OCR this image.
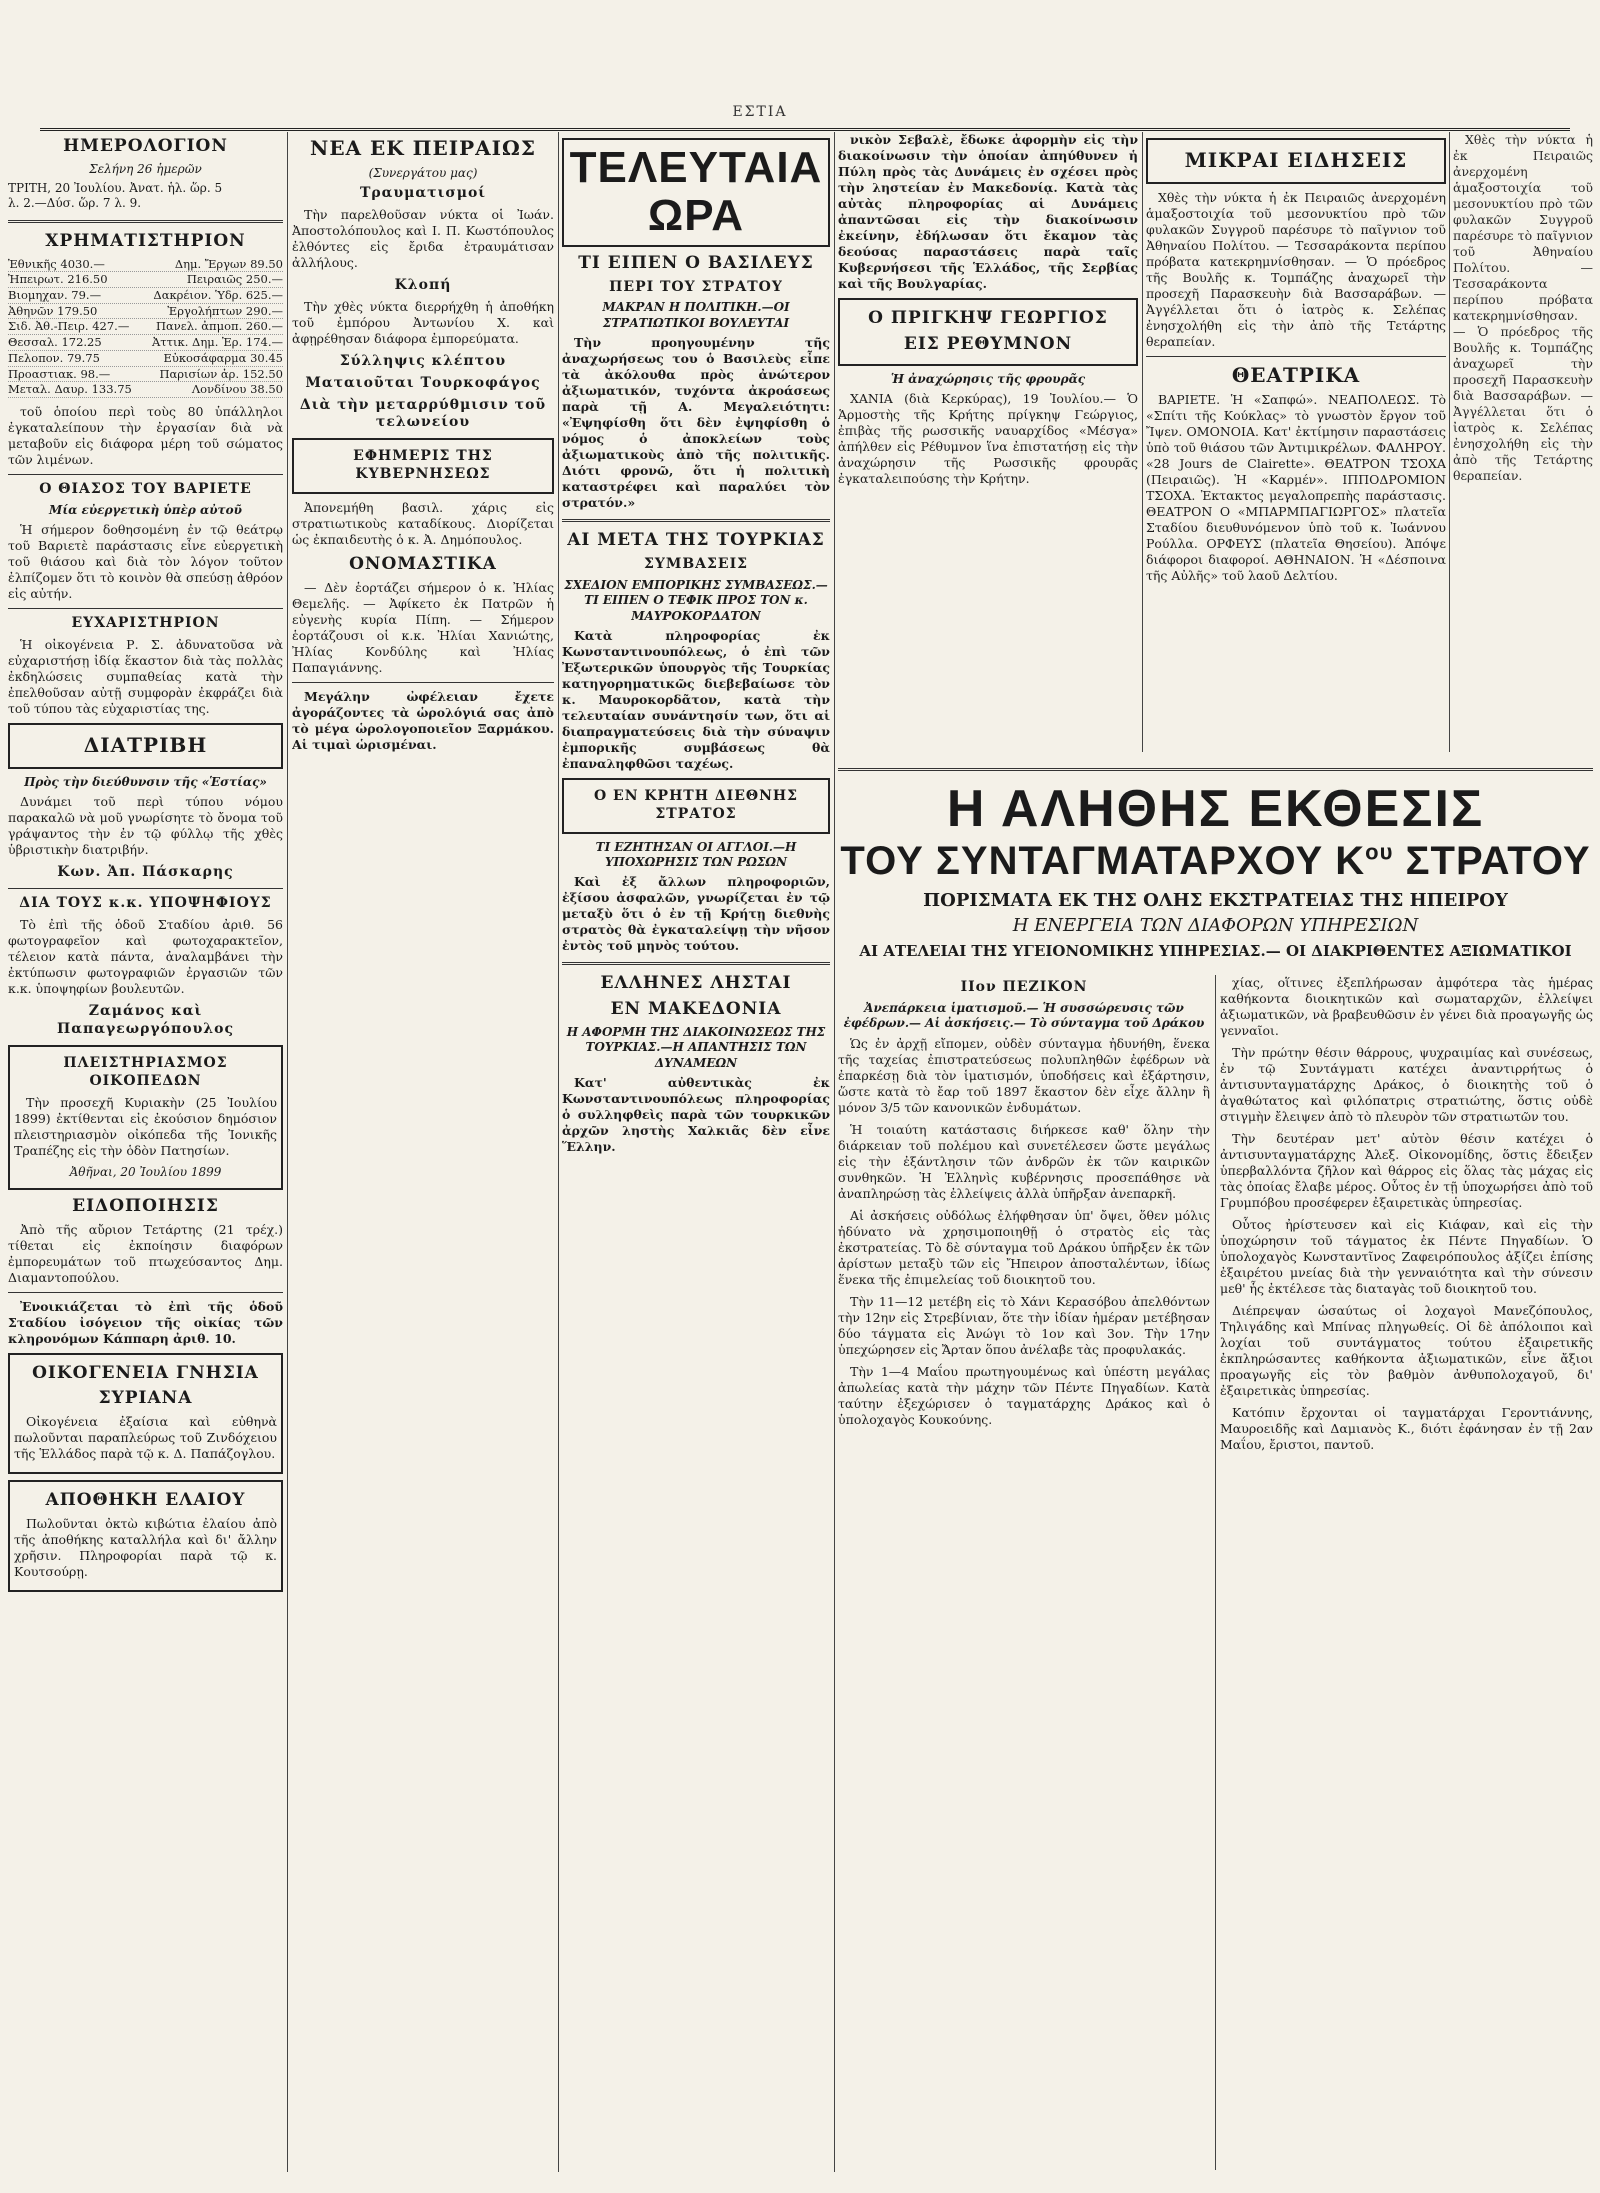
ΕΣΤΙΑ
ΗΜΕΡΟΛΟΓΙΟΝ
Σελήνη 26 ἡμερῶν
ΤΡΙΤΗ, 20 Ἰουλίου. Ἀνατ. ἡλ. ὥρ. 5
λ. 2.—Δύσ. ὥρ. 7 λ. 9.
ΧΡΗΜΑΤΙΣΤΗΡΙΟΝ
Ἐθνικῆς 4030.—	Δημ. Ἔργων 89.50
Ἠπειρωτ. 216.50	Πειραιῶς 250.—
Βιομηχαν. 79.—	Δακρέιον. Ὑδρ. 625.—
Ἀθηνῶν 179.50	Ἐργολήπτων 290.—
Σιδ. Ἀθ.-Πειρ. 427.— Πανελ. ἀπμοπ. 260.—
Θεσσαλ. 172.25	Ἀττικ. Δημ. Ἐρ. 174.—
Πελοπον. 79.75	Εὐκοσάφαρμα 30.45
Προαστιακ. 98.—	Παρισίων ἀρ. 152.50
Μεταλ. Δαυρ. 133.75	Λονδίνου 38.50

τοῦ ὁποίου περὶ τοὺς 80 ὑπάλληλοι ἐγκαταλείπουν τὴν ἐργασίαν διὰ νὰ μεταβοῦν εἰς διάφορα μέρη τοῦ σώματος τῶν λιμένων.

Ο ΘΙΑΣΟΣ ΤΟΥ ΒΑΡΙΕΤΕ
Μία εὐεργετικὴ ὑπὲρ αὐτοῦ

Ἡ σήμερον δοθησομένη ἐν τῷ θεάτρῳ τοῦ Βαριετὲ παράστασις εἶνε εὐεργετικὴ τοῦ θιάσου καὶ διὰ τὸν λόγον τοῦτον ἐλπίζομεν ὅτι τὸ κοινὸν θὰ σπεύσῃ ἀθρόον εἰς αὐτήν.

ΕΥΧΑΡΙΣΤΗΡΙΟΝ

Ἡ οἰκογένεια Ρ. Σ. ἀδυνατοῦσα νὰ εὐχαριστήσῃ ἰδίᾳ ἕκαστον διὰ τὰς πολλὰς ἐκδηλώσεις συμπαθείας κατὰ τὴν ἐπελθοῦσαν αὐτῇ συμφορὰν ἐκφράζει διὰ τοῦ τύπου τὰς εὐχαριστίας της.

ΔΙΑΤΡΙΒΗ
Πρὸς τὴν διεύθυνσιν τῆς «Ἑστίας»

Δυνάμει τοῦ περὶ τύπου νόμου παρακαλῶ νὰ μοῦ γνωρίσητε τὸ ὄνομα τοῦ γράψαντος τὴν ἐν τῷ φύλλῳ τῆς χθὲς ὑβριστικὴν διατριβήν.

Κων. Ἀπ. Πάσκαρης
ΔΙΑ ΤΟΥΣ κ.κ. ΥΠΟΨΗΦΙΟΥΣ

Τὸ ἐπὶ τῆς ὁδοῦ Σταδίου ἀριθ. 56 φωτογραφεῖον καὶ φωτοχαρακτεῖον, τέλειον κατὰ πάντα, ἀναλαμβάνει τὴν ἐκτύπωσιν φωτογραφιῶν ἐργασιῶν τῶν κ.κ. ὑποψηφίων βουλευτῶν.

Ζαμάνος καὶ Παπαγεωργόπουλος
ΠΛΕΙΣΤΗΡΙΑΣΜΟΣ ΟΙΚΟΠΕΔΩΝ

Τὴν προσεχῆ Κυριακὴν (25 Ἰουλίου 1899) ἐκτίθενται εἰς ἐκούσιον δημόσιον πλειστηριασμὸν οἰκόπεδα τῆς Ἰονικῆς Τραπέζης εἰς τὴν ὁδὸν Πατησίων.

Ἀθῆναι, 20 Ἰουλίου 1899
ΕΙΔΟΠΟΙΗΣΙΣ

Ἀπὸ τῆς αὔριον Τετάρτης (21 τρέχ.) τίθεται εἰς ἐκποίησιν διαφόρων ἐμπορευμάτων τοῦ πτωχεύσαντος Δημ. Διαμαντοπούλου.

Ἐνοικιάζεται τὸ ἐπὶ τῆς ὁδοῦ Σταδίου ἰσόγειον τῆς οἰκίας τῶν κληρονόμων Κάππαρη ἀριθ. 10.

ΟΙΚΟΓΕΝΕΙΑ ΓΝΗΣΙΑ
ΣΥΡΙΑΝΑ

Οἰκογένεια ἐξαίσια καὶ εὐθηνὰ πωλοῦνται παραπλεύρως τοῦ Ζινδόχειου τῆς Ἑλλάδος παρὰ τῷ κ. Δ. Παπάζογλου.

ΑΠΟΘΗΚΗ ΕΛΑΙΟΥ

Πωλοῦνται ὀκτὼ κιβώτια ἐλαίου ἀπὸ τῆς ἀποθήκης καταλλήλα καὶ δι' ἄλλην χρῆσιν. Πληροφορίαι παρὰ τῷ κ. Κουτσούρῃ.

ΝΕΑ ΕΚ ΠΕΙΡΑΙΩΣ
(Συνεργάτου μας)
Τραυματισμοί

Τὴν παρελθοῦσαν νύκτα οἱ Ἰωάν. Ἀποστολόπουλος καὶ Ι. Π. Κωστόπουλος ἐλθόντες εἰς ἔριδα ἐτραυμάτισαν ἀλλήλους.

Κλοπή

Τὴν χθὲς νύκτα διερρήχθη ἡ ἀποθήκη τοῦ ἐμπόρου Ἀντωνίου Χ. καὶ ἀφῃρέθησαν διάφορα ἐμπορεύματα.

Σύλληψις κλέπτου
Ματαιοῦται Τουρκοφάγος
Διὰ τὴν μεταρρύθμισιν τοῦ τελωνείου
ΕΦΗΜΕΡΙΣ ΤΗΣ ΚΥΒΕΡΝΗΣΕΩΣ

Ἀπονεμήθη βασιλ. χάρις εἰς στρατιωτικοὺς καταδίκους. Διορίζεται ὡς ἐκπαιδευτὴς ὁ κ. Ἀ. Δημόπουλος.

ΟΝΟΜΑΣΤΙΚΑ

— Δὲν ἑορτάζει σήμερον ὁ κ. Ἠλίας Θεμελῆς. — Ἀφίκετο ἐκ Πατρῶν ἡ εὐγενὴς κυρία Πίπη. — Σήμερον ἑορτάζουσι οἱ κ.κ. Ἠλίαι Χανιώτης, Ἠλίας Κονδύλης καὶ Ἠλίας Παπαγιάννης.

Μεγάλην ὠφέλειαν ἔχετε ἀγοράζοντες τὰ ὡρολόγιά σας ἀπὸ τὸ μέγα ὡρολογοποιεῖον Ξαρμάκου. Αἱ τιμαὶ ὡρισμέναι.

ΤΕΛΕΥΤΑΙΑ ΩΡΑ
ΤΙ ΕΙΠΕΝ Ο ΒΑΣΙΛΕΥΣ
ΠΕΡΙ ΤΟΥ ΣΤΡΑΤΟΥ
ΜΑΚΡΑΝ Η ΠΟΛΙΤΙΚΗ.—ΟΙ ΣΤΡΑΤΙΩΤΙΚΟΙ ΒΟΥΛΕΥΤΑΙ

Τὴν προηγουμένην τῆς ἀναχωρήσεως του ὁ Βασιλεὺς εἶπε τὰ ἀκόλουθα πρὸς ἀνώτερον ἀξιωματικόν, τυχόντα ἀκροάσεως παρὰ τῇ Α. Μεγαλειότητι: «Ἐψηφίσθη ὅτι δὲν ἐψηφίσθη ὁ νόμος ὁ ἀποκλείων τοὺς ἀξιωματικοὺς ἀπὸ τῆς πολιτικῆς. Διότι φρονῶ, ὅτι ἡ πολιτικὴ καταστρέφει καὶ παραλύει τὸν στρατόν.»

ΑΙ ΜΕΤΑ ΤΗΣ ΤΟΥΡΚΙΑΣ
ΣΥΜΒΑΣΕΙΣ
ΣΧΕΔΙΟΝ ΕΜΠΟΡΙΚΗΣ ΣΥΜΒΑΣΕΩΣ.—ΤΙ ΕΙΠΕΝ Ο ΤΕΦΙΚ ΠΡΟΣ ΤΟΝ κ. ΜΑΥΡΟΚΟΡΔΑΤΟΝ

Κατὰ πληροφορίας ἐκ Κωνσταντινουπόλεως, ὁ ἐπὶ τῶν Ἐξωτερικῶν ὑπουργὸς τῆς Τουρκίας κατηγορηματικῶς διεβεβαίωσε τὸν κ. Μαυροκορδᾶτον, κατὰ τὴν τελευταίαν συνάντησίν των, ὅτι αἱ διαπραγματεύσεις διὰ τὴν σύναψιν ἐμπορικῆς συμβάσεως θὰ ἐπαναληφθῶσι ταχέως.

Ο ΕΝ ΚΡΗΤΗ ΔΙΕΘΝΗΣ ΣΤΡΑΤΟΣ
ΤΙ ΕΖΗΤΗΣΑΝ ΟΙ ΑΓΓΛΟΙ.—Η ΥΠΟΧΩΡΗΣΙΣ ΤΩΝ ΡΩΣΩΝ

Καὶ ἐξ ἄλλων πληροφοριῶν, ἐξίσου ἀσφαλῶν, γνωρίζεται ἐν τῷ μεταξὺ ὅτι ὁ ἐν τῇ Κρήτῃ διεθνὴς στρατὸς θὰ ἐγκαταλείψῃ τὴν νῆσον ἐντὸς τοῦ μηνὸς τούτου.

ΕΛΛΗΝΕΣ ΛΗΣΤΑΙ
ΕΝ ΜΑΚΕΔΟΝΙΑ
Η ΑΦΟΡΜΗ ΤΗΣ ΔΙΑΚΟΙΝΩΣΕΩΣ ΤΗΣ ΤΟΥΡΚΙΑΣ.—Η ΑΠΑΝΤΗΣΙΣ ΤΩΝ ΔΥΝΑΜΕΩΝ

Κατ' αὐθεντικὰς ἐκ Κωνσταντινουπόλεως πληροφορίας ὁ συλληφθεὶς παρὰ τῶν τουρκικῶν ἀρχῶν ληστὴς Χαλκιᾶς δὲν εἶνε Ἕλλην.

νικὸν Σεβαλὲ, ἔδωκε ἀφορμὴν εἰς τὴν διακοίνωσιν τὴν ὁποίαν ἀπηύθυνεν ἡ Πύλη πρὸς τὰς Δυνάμεις ἐν σχέσει πρὸς τὴν ληστείαν ἐν Μακεδονίᾳ. Κατὰ τὰς αὐτὰς πληροφορίας αἱ Δυνάμεις ἀπαντῶσαι εἰς τὴν διακοίνωσιν ἐκείνην, ἐδήλωσαν ὅτι ἔκαμον τὰς δεούσας παραστάσεις παρὰ ταῖς Κυβερνήσεσι τῆς Ἑλλάδος, τῆς Σερβίας καὶ τῆς Βουλγαρίας.

Ο ΠΡΙΓΚΗΨ ΓΕΩΡΓΙΟΣ
ΕΙΣ ΡΕΘΥΜΝΟΝ
Ἡ ἀναχώρησις τῆς φρουρᾶς

ΧΑΝΙΑ (διὰ Κερκύρας), 19 Ἰουλίου.— Ὁ Ἁρμοστὴς τῆς Κρήτης πρίγκηψ Γεώργιος, ἐπιβὰς τῆς ρωσσικῆς ναυαρχίδος «Μέσγα» ἀπήλθεν εἰς Ρέθυμνον ἵνα ἐπιστατήσῃ εἰς τὴν ἀναχώρησιν τῆς Ρωσσικῆς φρουρᾶς ἐγκαταλειπούσης τὴν Κρήτην.

ΜΙΚΡΑΙ ΕΙΔΗΣΕΙΣ

Χθὲς τὴν νύκτα ἡ ἐκ Πειραιῶς ἀνερχομένη ἁμαξοστοιχία τοῦ μεσονυκτίου πρὸ τῶν φυλακῶν Συγγροῦ παρέσυρε τὸ παῖγνιον τοῦ Ἀθηναίου Πολίτου. — Τεσσαράκοντα περίπου πρόβατα κατεκρημνίσθησαν. — Ὁ πρόεδρος τῆς Βουλῆς κ. Τομπάζης ἀναχωρεῖ τὴν προσεχῆ Παρασκευὴν διὰ Βασσαράβων. — Ἀγγέλλεται ὅτι ὁ ἰατρὸς κ. Σελέπας ἐνησχολήθη εἰς τὴν ἀπὸ τῆς Τετάρτης θεραπείαν.

ΘΕΑΤΡΙΚΑ

ΒΑΡΙΕΤΕ. Ἡ «Σαπφώ». ΝΕΑΠΟΛΕΩΣ. Τὸ «Σπίτι τῆς Κούκλας» τὸ γνωστὸν ἔργον τοῦ Ἴψεν. ΟΜΟΝΟΙΑ. Κατ' ἐκτίμησιν παραστάσεις ὑπὸ τοῦ θιάσου τῶν Ἀντιμικρέλων. ΦΑΛΗΡΟΥ. «28 Jours de Clairette». ΘΕΑΤΡΟΝ ΤΣΟΧΑ (Πειραιῶς). Ἡ «Καρμέν». ΙΠΠΟΔΡΟΜΙΟΝ ΤΣΟΧΑ. Ἐκτακτος μεγαλοπρεπὴς παράστασις. ΘΕΑΤΡΟΝ Ο «ΜΠΑΡΜΠΑΓΙΩΡΓΟΣ» πλατεῖα Σταδίου διευθυνόμενον ὑπὸ τοῦ κ. Ἰωάννου Ρούλλα. ΟΡΦΕΥΣ (πλατεῖα Θησείου). Ἀπόψε διάφοροι διαφοροί. ΑΘΗΝΑΙΟΝ. Ἡ «Δέσποινα τῆς Αὐλῆς» τοῦ λαοῦ Δελτίου.

Χθὲς τὴν νύκτα ἡ ἐκ Πειραιῶς ἀνερχομένη ἁμαξοστοιχία τοῦ μεσονυκτίου πρὸ τῶν φυλακῶν Συγγροῦ παρέσυρε τὸ παῖγνιον τοῦ Ἀθηναίου Πολίτου. — Τεσσαράκοντα περίπου πρόβατα κατεκρημνίσθησαν. — Ὁ πρόεδρος τῆς Βουλῆς κ. Τομπάζης ἀναχωρεῖ τὴν προσεχῆ Παρασκευὴν διὰ Βασσαράβων. — Ἀγγέλλεται ὅτι ὁ ἰατρὸς κ. Σελέπας ἐνησχολήθη εἰς τὴν ἀπὸ τῆς Τετάρτης θεραπείαν.

Η ΑΛΗΘΗΣ ΕΚΘΕΣΙΣ
ΤΟΥ ΣΥΝΤΑΓΜΑΤΑΡΧΟΥ $K^{o\upsilon}$ ΣΤΡΑΤΟΥ
ΠΟΡΙΣΜΑΤΑ ΕΚ ΤΗΣ ΟΛΗΣ ΕΚΣΤΡΑΤΕΙΑΣ ΤΗΣ ΗΠΕΙΡΟΥ
Η ΕΝΕΡΓΕΙΑ ΤΩΝ ΔΙΑΦΟΡΩΝ ΥΠΗΡΕΣΙΩΝ
ΑΙ ΑΤΕΛΕΙΑΙ ΤΗΣ ΥΓΕΙΟΝΟΜΙΚΗΣ ΥΠΗΡΕΣΙΑΣ.— ΟΙ ΔΙΑΚΡΙΘΕΝΤΕΣ ΑΞΙΩΜΑΤΙΚΟΙ
ΙΙον ΠΕΖΙΚΟΝ
Ἀνεπάρκεια ἱματισμοῦ.— Ἡ συσσώρευσις τῶν ἐφέδρων.— Αἱ ἀσκήσεις.— Τὸ σύνταγμα τοῦ Δράκου

Ὡς ἐν ἀρχῇ εἴπομεν, οὐδὲν σύνταγμα ἠδυνήθη, ἕνεκα τῆς ταχείας ἐπιστρατεύσεως πολυπληθῶν ἐφέδρων νὰ ἐπαρκέσῃ διὰ τὸν ἱματισμόν, ὑποδήσεις καὶ ἐξάρτησιν, ὥστε κατὰ τὸ ἔαρ τοῦ 1897 ἔκαστον δὲν εἶχε ἄλλην ἢ μόνον 3/5 τῶν κανονικῶν ἐνδυμάτων.

Ἡ τοιαύτη κατάστασις διήρκεσε καθ' ὅλην τὴν διάρκειαν τοῦ πολέμου καὶ συνετέλεσεν ὥστε μεγάλως εἰς τὴν ἐξάντλησιν τῶν ἀνδρῶν ἐκ τῶν καιρικῶν συνθηκῶν. Ἡ Ἑλληνὶς κυβέρνησις προσεπάθησε νὰ ἀναπληρώσῃ τὰς ἐλλείψεις ἀλλὰ ὑπῆρξαν ἀνεπαρκῆ.

Αἱ ἀσκήσεις οὐδόλως ἐλήφθησαν ὑπ' ὄψει, ὅθεν μόλις ἠδύνατο νὰ χρησιμοποιηθῇ ὁ στρατὸς εἰς τὰς ἐκστρατείας. Τὸ δὲ σύνταγμα τοῦ Δράκου ὑπῆρξεν ἐκ τῶν ἀρίστων μεταξὺ τῶν εἰς Ἤπειρον ἀποσταλέντων, ἰδίως ἕνεκα τῆς ἐπιμελείας τοῦ διοικητοῦ του.

Τὴν 11—12 μετέβη εἰς τὸ Χάνι Κερασόβου ἀπελθόντων τὴν 12ην εἰς Στρεβίνιαν, ὅτε τὴν ἰδίαν ἡμέραν μετέβησαν δύο τάγματα εἰς Ἀνώγι τὸ 1ον καὶ 3ον. Τὴν 17ην ὑπεχώρησεν εἰς Ἄρταν ὅπου ἀνέλαβε τὰς προφυλακάς.

Τὴν 1—4 Μαΐου πρωτηγουμένως καὶ ὑπέστη μεγάλας ἀπωλείας κατὰ τὴν μάχην τῶν Πέντε Πηγαδίων. Κατὰ ταύτην ἐξεχώρισεν ὁ ταγματάρχης Δράκος καὶ ὁ ὑπολοχαγὸς Κουκούνης.

χίας, οἵτινες ἐξεπλήρωσαν ἀμφότερα τὰς ἡμέρας καθήκοντα διοικητικῶν καὶ σωματαρχῶν, ἐλλείψει ἀξιωματικῶν, νὰ βραβευθῶσιν ἐν γένει διὰ προαγωγῆς ὡς γενναῖοι.

Τὴν πρώτην θέσιν θάρρους, ψυχραιμίας καὶ συνέσεως, ἐν τῷ Συντάγματι κατέχει ἀναντιρρήτως ὁ ἀντισυνταγματάρχης Δράκος, ὁ διοικητὴς τοῦ ὁ ἀγαθώτατος καὶ φιλόπατρις στρατιώτης, ὅστις οὐδὲ στιγμὴν ἔλειψεν ἀπὸ τὸ πλευρὸν τῶν στρατιωτῶν του.

Τὴν δευτέραν μετ' αὐτὸν θέσιν κατέχει ὁ ἀντισυνταγματάρχης Ἀλεξ. Οἰκονομίδης, ὅστις ἔδειξεν ὑπερβαλλόντα ζῆλον καὶ θάρρος εἰς ὅλας τὰς μάχας εἰς τὰς ὁποίας ἔλαβε μέρος. Οὗτος ἐν τῇ ὑποχωρήσει ἀπὸ τοῦ Γρυμπόβου προσέφερεν ἐξαιρετικὰς ὑπηρεσίας.

Οὗτος ἠρίστευσεν καὶ εἰς Κιάφαν, καὶ εἰς τὴν ὑποχώρησιν τοῦ τάγματος ἐκ Πέντε Πηγαδίων. Ὁ ὑπολοχαγὸς Κωνσταντῖνος Ζαφειρόπουλος ἀξίζει ἐπίσης ἐξαιρέτου μνείας διὰ τὴν γενναιότητα καὶ τὴν σύνεσιν μεθ' ἧς ἐκτέλεσε τὰς διαταγὰς τοῦ διοικητοῦ του.

Διέπρεψαν ὡσαύτως οἱ λοχαγοὶ Μανεζόπουλος, Τηλιγάδης καὶ Μπίνας πληγωθείς. Οἱ δὲ ἀπόλοιποι καὶ λοχίαι τοῦ συντάγματος τούτου ἐξαιρετικῆς ἐκπληρώσαντες καθήκοντα ἀξιωματικῶν, εἶνε ἄξιοι προαγωγῆς εἰς τὸν βαθμὸν ἀνθυπολοχαγοῦ, δι' ἐξαιρετικὰς ὑπηρεσίας.

Κατόπιν ἔρχονται οἱ ταγματάρχαι Γεροντιάννης, Μαυροειδῆς καὶ Δαμιανὸς Κ., διότι ἐφάνησαν ἐν τῇ 2αν Μαΐου, ἔριστοι, παντοῦ.
